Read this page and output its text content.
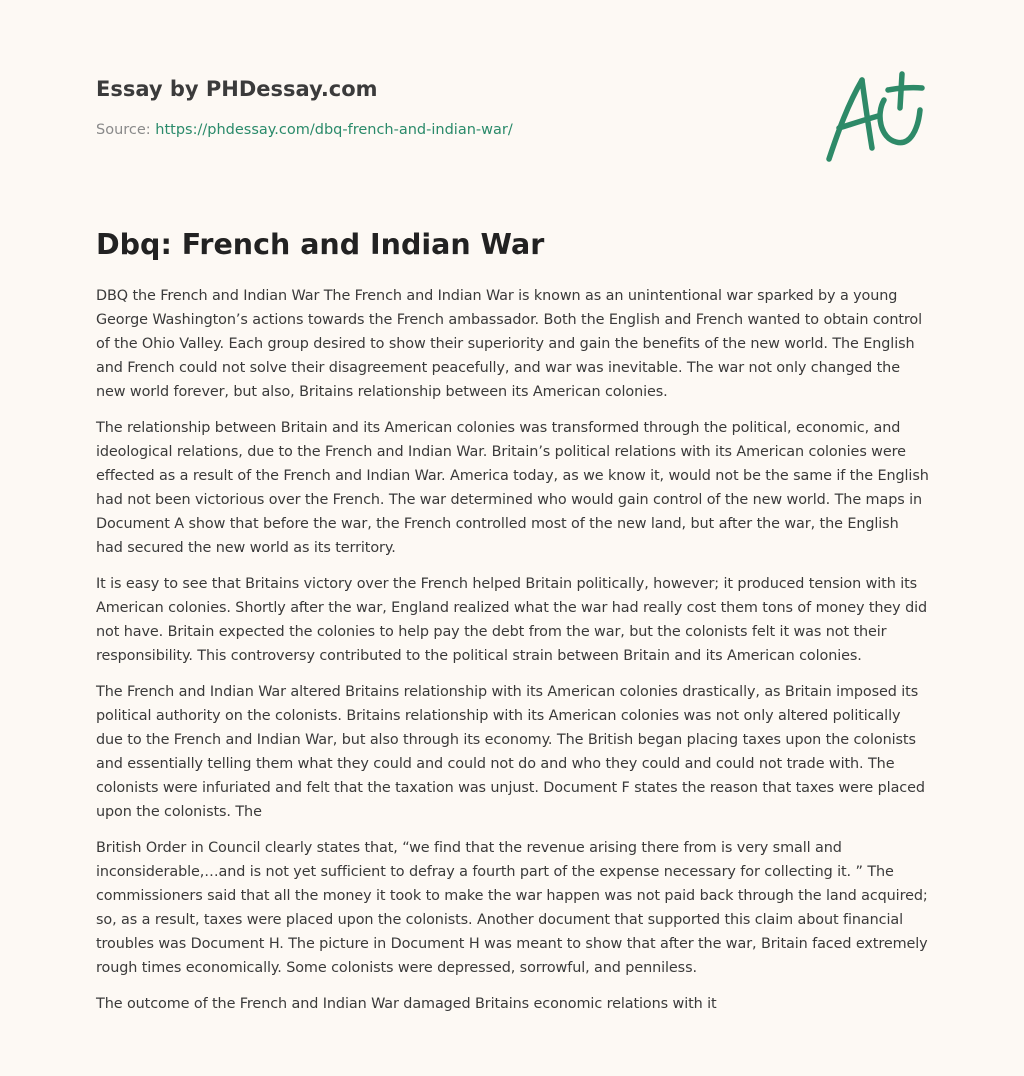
Essay by PHDessay.com
Source: https://phdessay.com/dbq-french-and-indian-war/
Dbq: French and Indian War

DBQ the French and Indian War The French and Indian War is known as an unintentional war sparked by a young George Washington’s actions towards the French ambassador. Both the English and French wanted to obtain control of the Ohio Valley. Each group desired to show their superiority and gain the benefits of the new world. The English and French could not solve their disagreement peacefully, and war was inevitable. The war not only changed the new world forever, but also, Britains relationship between its American colonies.

The relationship between Britain and its American colonies was transformed through the political, economic, and ideological relations, due to the French and Indian War. Britain’s political relations with its American colonies were effected as a result of the French and Indian War. America today, as we know it, would not be the same if the English had not been victorious over the French. The war determined who would gain control of the new world. The maps in Document A show that before the war, the French controlled most of the new land, but after the war, the English had secured the new world as its territory.

It is easy to see that Britains victory over the French helped Britain politically, however; it produced tension with its American colonies. Shortly after the war, England realized what the war had really cost them tons of money they did not have. Britain expected the colonies to help pay the debt from the war, but the colonists felt it was not their responsibility. This controversy contributed to the political strain between Britain and its American colonies.

The French and Indian War altered Britains relationship with its American colonies drastically, as Britain imposed its political authority on the colonists. Britains relationship with its American colonies was not only altered politically due to the French and Indian War, but also through its economy. The British began placing taxes upon the colonists and essentially telling them what they could and could not do and who they could and could not trade with. The colonists were infuriated and felt that the taxation was unjust. Document F states the reason that taxes were placed upon the colonists. The

British Order in Council clearly states that, “we find that the revenue arising there from is very small and inconsiderable,…and is not yet sufficient to defray a fourth part of the expense necessary for collecting it. ” The commissioners said that all the money it took to make the war happen was not paid back through the land acquired; so, as a result, taxes were placed upon the colonists. Another document that supported this claim about financial troubles was Document H. The picture in Document H was meant to show that after the war, Britain faced extremely rough times economically. Some colonists were depressed, sorrowful, and penniless.

The outcome of the French and Indian War damaged Britains economic relations with it
